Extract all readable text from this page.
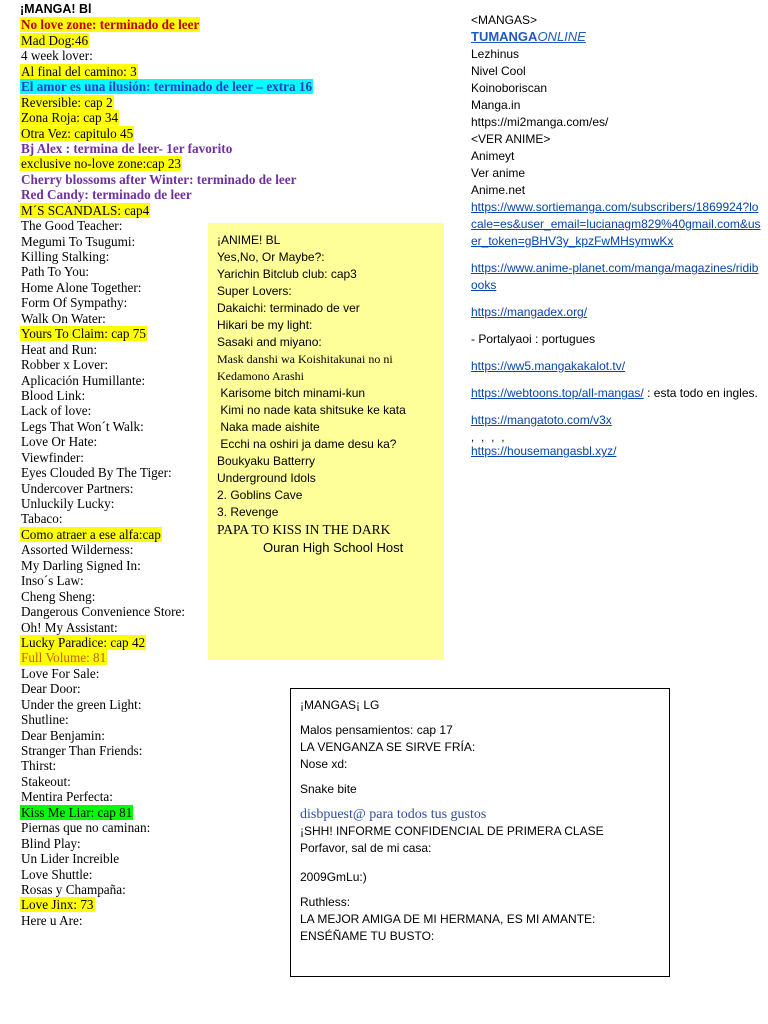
¡MANGA! Bl
No love zone: terminado de leer
Mad Dog:46
4 week lover:
Al final del camino: 3
El amor es una ilusión: terminado de leer – extra 16
Reversible: cap 2
Zona Roja: cap 34
Otra Vez: capitulo 45
Bj Alex : termina de leer- 1er favorito
exclusive no-love zone:cap 23
Cherry blossoms after Winter: terminado de leer
Red Candy: terminado de leer
M´S SCANDALS: cap4
The Good Teacher:
Megumi To Tsugumi:
Killing Stalking:
Path To You:
Home Alone Together:
Form Of Sympathy:
Walk On Water:
Yours To Claim: cap 75
Heat and Run:
Robber x Lover:
Aplicación Humillante:
Blood Link:
Lack of love:
Legs That Won´t Walk:
Love Or Hate:
Viewfinder:
Eyes Clouded By The Tiger:
Undercover Partners:
Unluckily Lucky:
Tabaco:
Como atraer a ese alfa:cap
Assorted Wilderness:
My Darling Signed In:
Inso´s Law:
Cheng Sheng:
Dangerous Convenience Store:
Oh! My Assistant:
Lucky Paradice: cap 42
Full Volume: 81
Love For Sale:
Dear Door:
Under the green Light:
Shutline:
Dear Benjamin:
Stranger Than Friends:
Thirst:
Stakeout:
Mentira Perfecta:
Kiss Me Liar: cap 81
Piernas que no caminan:
Blind Play:
Un Lider Increible
Love Shuttle:
Rosas y Champaña:
Love Jinx: 73
Here u Are:
¡ANIME! BL
Yes,No, Or Maybe?:
Yarichin Bitclub club: cap3
Super Lovers:
Dakaichi: terminado de ver
Hikari be my light:
Sasaki and miyano:
Mask danshi wa Koishitakunai no ni
Kedamono Arashi
Karisome bitch minami-kun
Kimi no nade kata shitsuke ke kata
Naka made aishite
Ecchi na oshiri ja dame desu ka?
Boukyaku Batterry
Underground Idols
2. Goblins Cave
3. Revenge
PAPA TO KISS IN THE DARK
Ouran High School Host
<MANGAS>
TUMANGAONLINE
Lezhinus
Nivel Cool
Koinoboriscan
Manga.in
https://mi2manga.com/es/
<VER ANIME>
Animeyt
Ver anime
Anime.net
https://www.sortiemanga.com/subscribers/1869924?locale=es&user_email=lucianagm829%40gmail.com&user_token=gBHV3y_kpzFwMHsymwKx
https://www.anime-planet.com/manga/magazines/ridibooks
https://mangadex.org/
- Portalyaoi : portugues
https://ww5.mangakakalot.tv/
https://webtoons.top/all-mangas/ : esta todo en ingles.
https://mangatoto.com/v3x
, , , ,
https://housemangasbl.xyz/
¡MANGAS¡ LG
Malos pensamientos: cap 17
LA VENGANZA SE SIRVE FRÍA:
Nose xd:
Snake bite
disbpuest@ para todos tus gustos
¡SHH! INFORME CONFIDENCIAL DE PRIMERA CLASE
Porfavor, sal de mi casa:
2009GmLu:)
Ruthless:
LA MEJOR AMIGA DE MI HERMANA, ES MI AMANTE:
ENSÉÑAME TU BUSTO:
